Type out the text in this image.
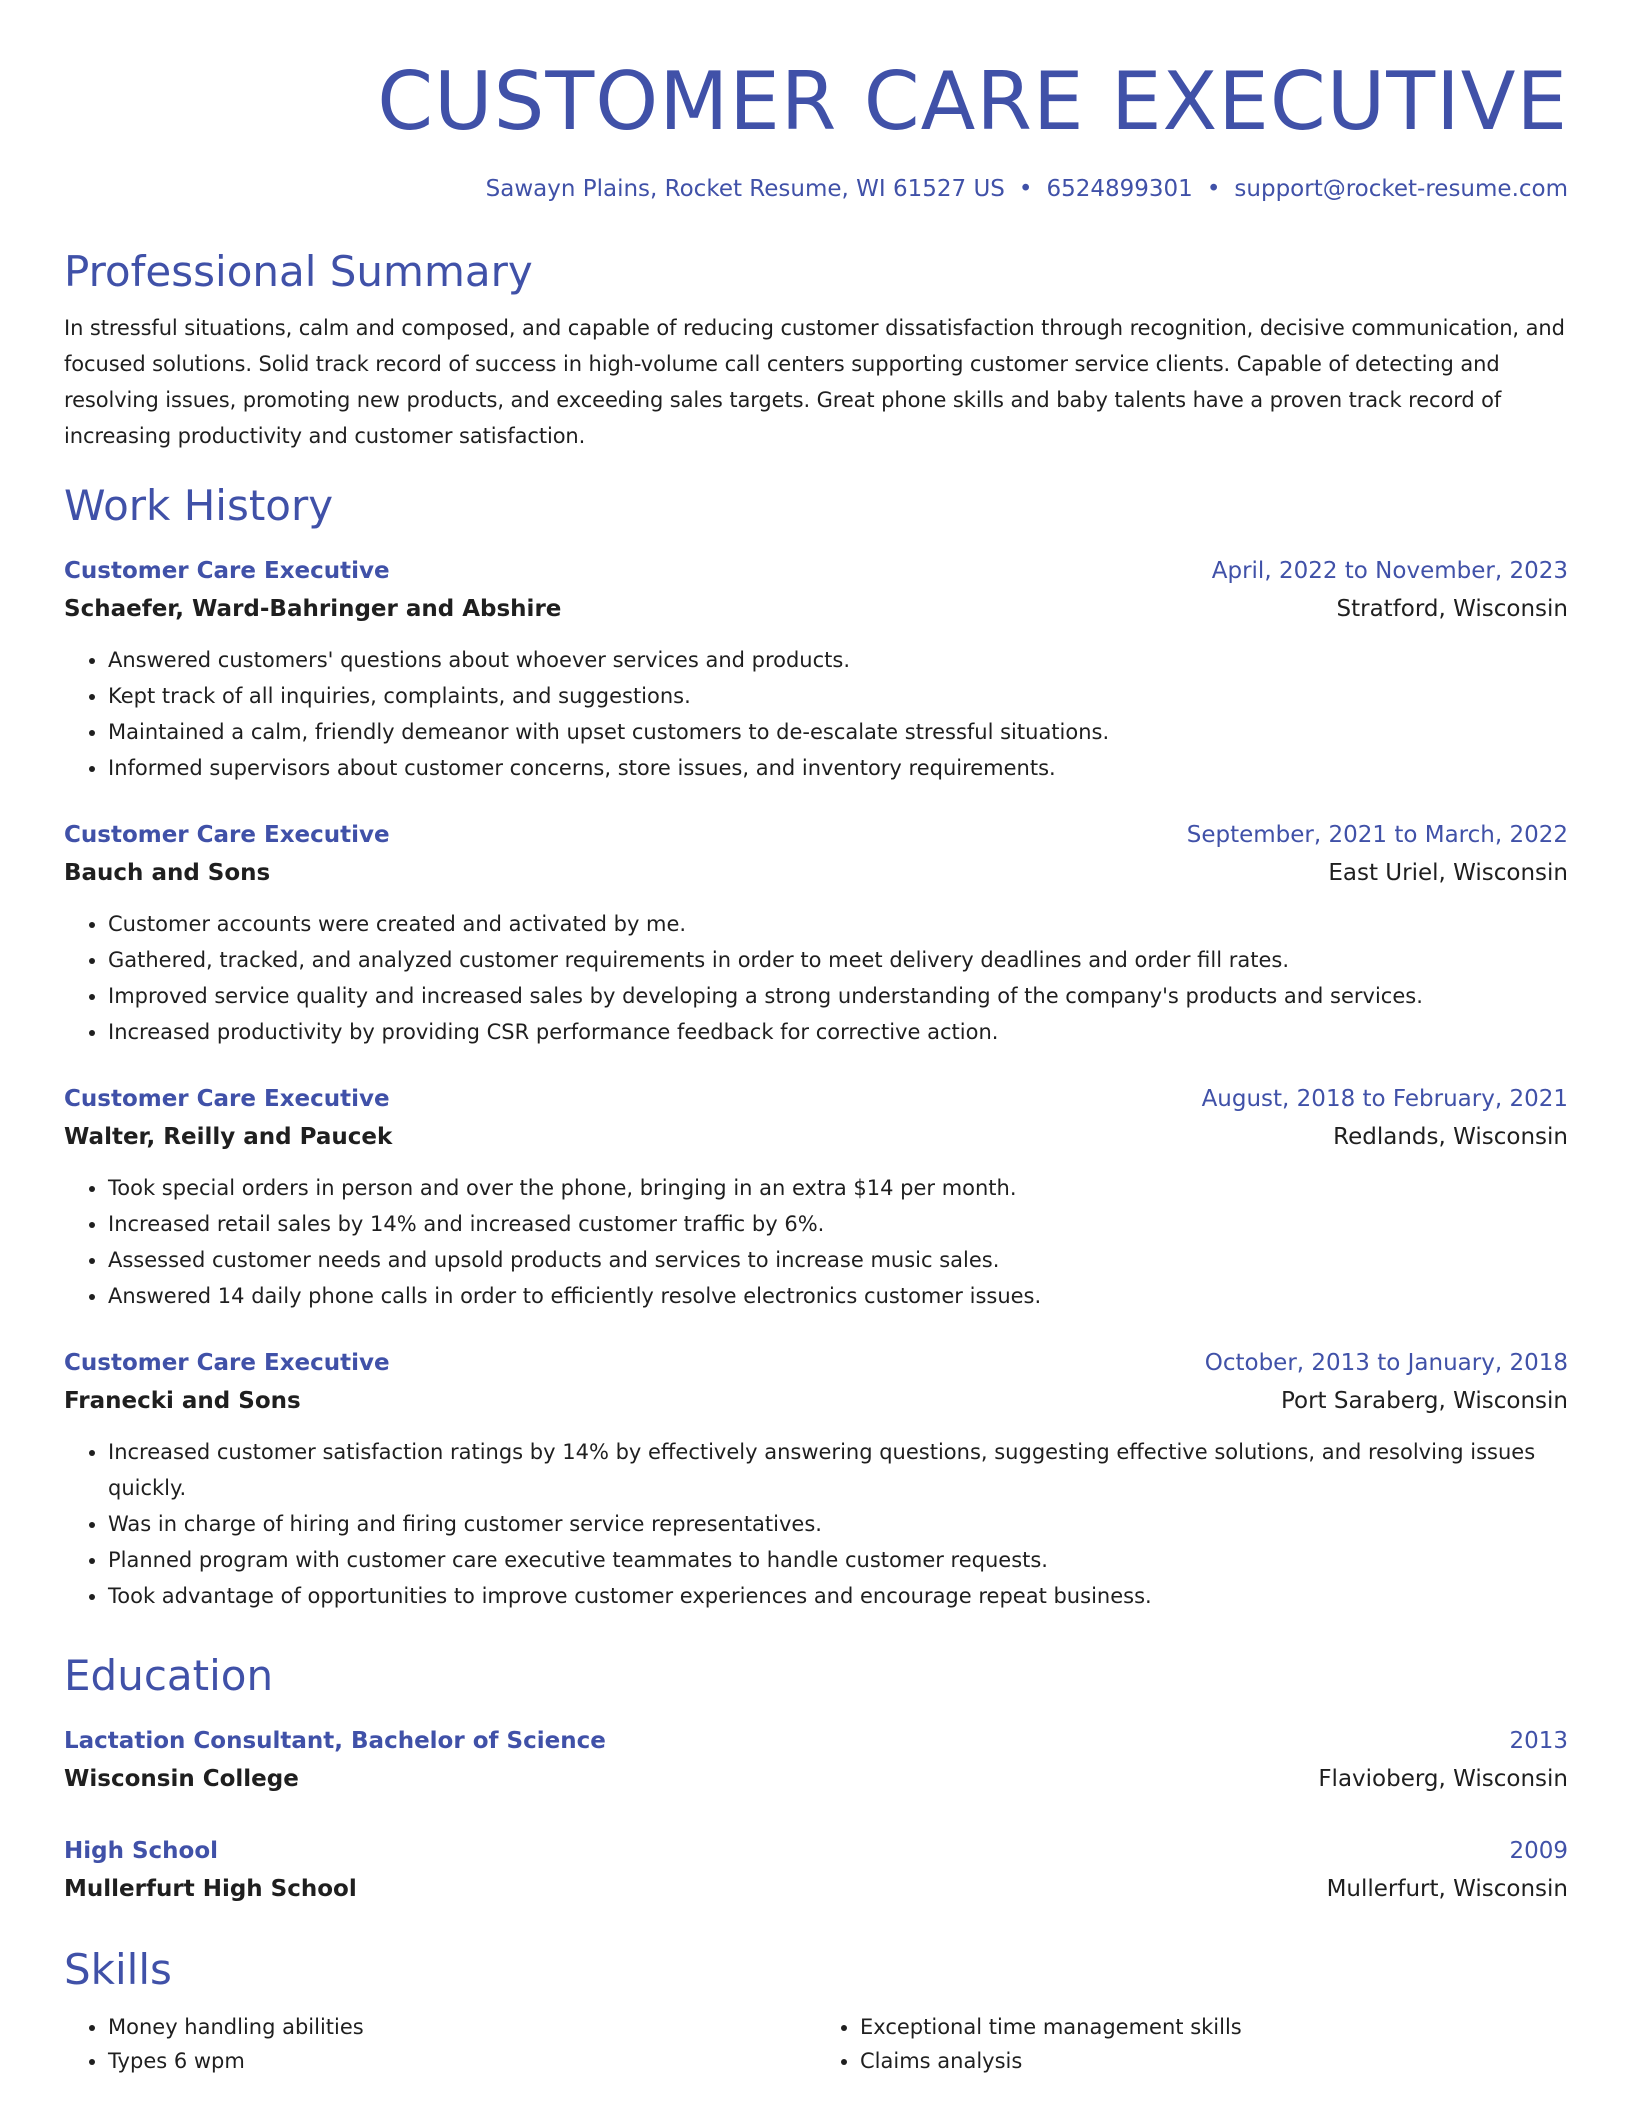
CUSTOMER CARE EXECUTIVE
Sawayn Plains, Rocket Resume, WI 61527 US • 6524899301 • support@rocket-resume.com
Professional Summary
In stressful situations, calm and composed, and capable of reducing customer dissatisfaction through recognition, decisive communication, and focused solutions. Solid track record of success in high-volume call centers supporting customer service clients. Capable of detecting and resolving issues, promoting new products, and exceeding sales targets. Great phone skills and baby talents have a proven track record of increasing productivity and customer satisfaction.
Work History
Customer Care Executive	April, 2022 to November, 2023
Schaefer, Ward-Bahringer and Abshire	Stratford, Wisconsin
• Answered customers' questions about whoever services and products.
• Kept track of all inquiries, complaints, and suggestions.
• Maintained a calm, friendly demeanor with upset customers to de-escalate stressful situations.
• Informed supervisors about customer concerns, store issues, and inventory requirements.
Customer Care Executive	September, 2021 to March, 2022
Bauch and Sons	East Uriel, Wisconsin
• Customer accounts were created and activated by me.
• Gathered, tracked, and analyzed customer requirements in order to meet delivery deadlines and order fill rates.
• Improved service quality and increased sales by developing a strong understanding of the company's products and services.
• Increased productivity by providing CSR performance feedback for corrective action.
Customer Care Executive	August, 2018 to February, 2021
Walter, Reilly and Paucek	Redlands, Wisconsin
• Took special orders in person and over the phone, bringing in an extra $14 per month.
• Increased retail sales by 14% and increased customer traffic by 6%.
• Assessed customer needs and upsold products and services to increase music sales.
• Answered 14 daily phone calls in order to efficiently resolve electronics customer issues.
Customer Care Executive	October, 2013 to January, 2018
Franecki and Sons	Port Saraberg, Wisconsin
• Increased customer satisfaction ratings by 14% by effectively answering questions, suggesting effective solutions, and resolving issues quickly.
• Was in charge of hiring and firing customer service representatives.
• Planned program with customer care executive teammates to handle customer requests.
• Took advantage of opportunities to improve customer experiences and encourage repeat business.
Education
Lactation Consultant, Bachelor of Science	2013
Wisconsin College	Flavioberg, Wisconsin
High School	2009
Mullerfurt High School	Mullerfurt, Wisconsin
Skills
• Money handling abilities
• Types 6 wpm
• Exceptional time management skills
• Claims analysis
